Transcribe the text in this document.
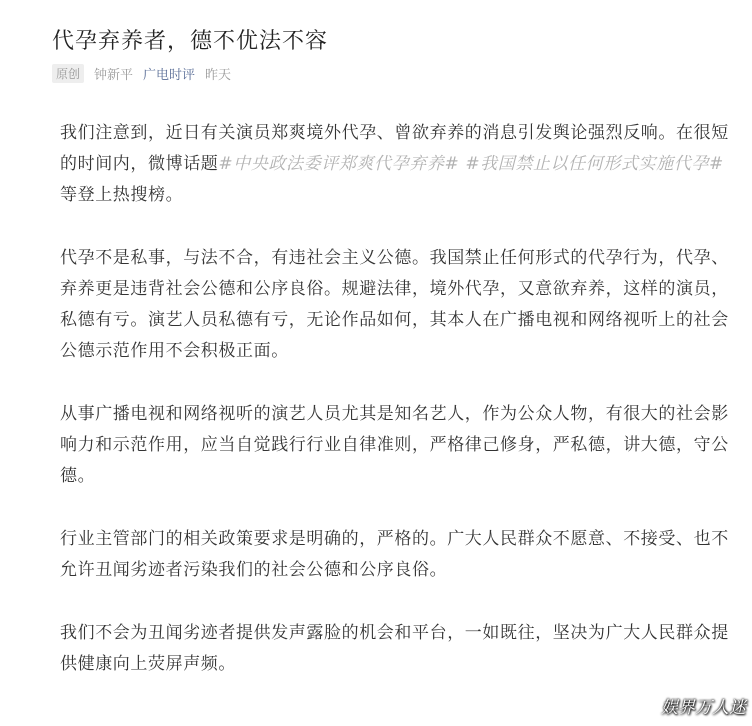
代孕弃养者，德不优法不容
原创	钟新平 广电时评 昨天

我们注意到，近日有关演员郑爽境外代孕、曾欲弃养的消息引发舆论强烈反响。在很短的时间内，微博话题#中央政法委评郑爽代孕弃养# #我国禁止以任何形式实施代孕#等登上热搜榜。

代孕不是私事，与法不合，有违社会主义公德。我国禁止任何形式的代孕行为，代孕、弃养更是违背社会公德和公序良俗。规避法律，境外代孕，又意欲弃养，这样的演员，私德有亏。演艺人员私德有亏，无论作品如何，其本人在广播电视和网络视听上的社会公德示范作用不会积极正面。

从事广播电视和网络视听的演艺人员尤其是知名艺人，作为公众人物，有很大的社会影响力和示范作用，应当自觉践行行业自律准则，严格律己修身，严私德，讲大德，守公德。

行业主管部门的相关政策要求是明确的，严格的。广大人民群众不愿意、不接受、也不允许丑闻劣迹者污染我们的社会公德和公序良俗。

我们不会为丑闻劣迹者提供发声露脸的机会和平台，一如既往，坚决为广大人民群众提供健康向上荧屏声频。

娱界万人迷
